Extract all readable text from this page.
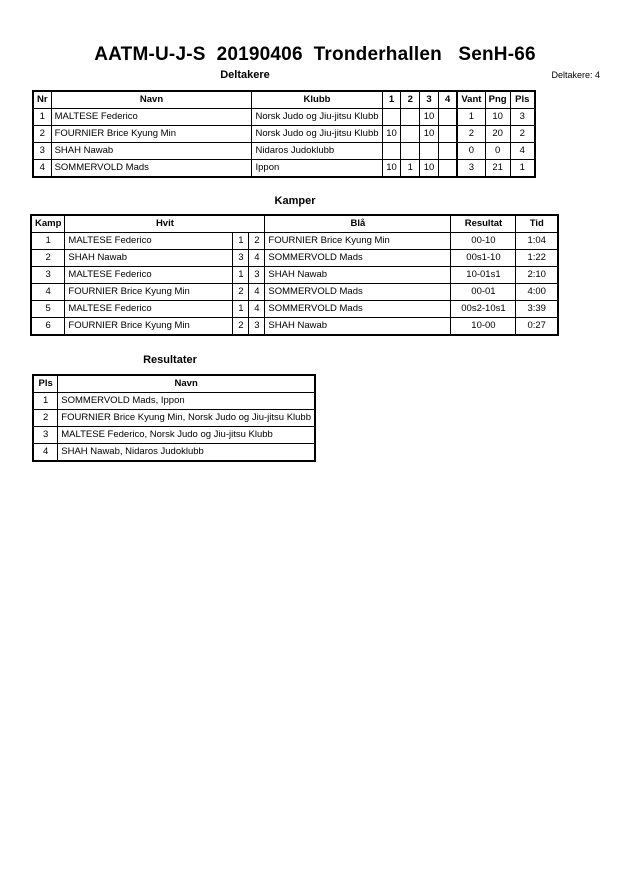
AATM-U-J-S  20190406  Tronderhallen   SenH-66
Deltakere	Deltakere: 4
Nr	Navn	Klubb	1	2	3	4	Vant	Png	Pls
1	MALTESE Federico	Norsk Judo og Jiu-jitsu Klubb			10		1	10	3
2	FOURNIER Brice Kyung Min	Norsk Judo og Jiu-jitsu Klubb	10		10		2	20	2
3	SHAH Nawab	Nidaros Judoklubb					0	0	4
4	SOMMERVOLD Mads	Ippon	10	1	10		3	21	1
Kamper
Kamp	Hvit			Blå	Resultat	Tid
1	MALTESE Federico	1	2	FOURNIER Brice Kyung Min	00-10	1:04
2	SHAH Nawab	3	4	SOMMERVOLD Mads	00s1-10	1:22
3	MALTESE Federico	1	3	SHAH Nawab	10-01s1	2:10
4	FOURNIER Brice Kyung Min	2	4	SOMMERVOLD Mads	00-01	4:00
5	MALTESE Federico	1	4	SOMMERVOLD Mads	00s2-10s1	3:39
6	FOURNIER Brice Kyung Min	2	3	SHAH Nawab	10-00	0:27
Resultater
Pls	Navn
1	SOMMERVOLD Mads, Ippon
2	FOURNIER Brice Kyung Min, Norsk Judo og Jiu-jitsu Klubb
3	MALTESE Federico, Norsk Judo og Jiu-jitsu Klubb
4	SHAH Nawab, Nidaros Judoklubb
